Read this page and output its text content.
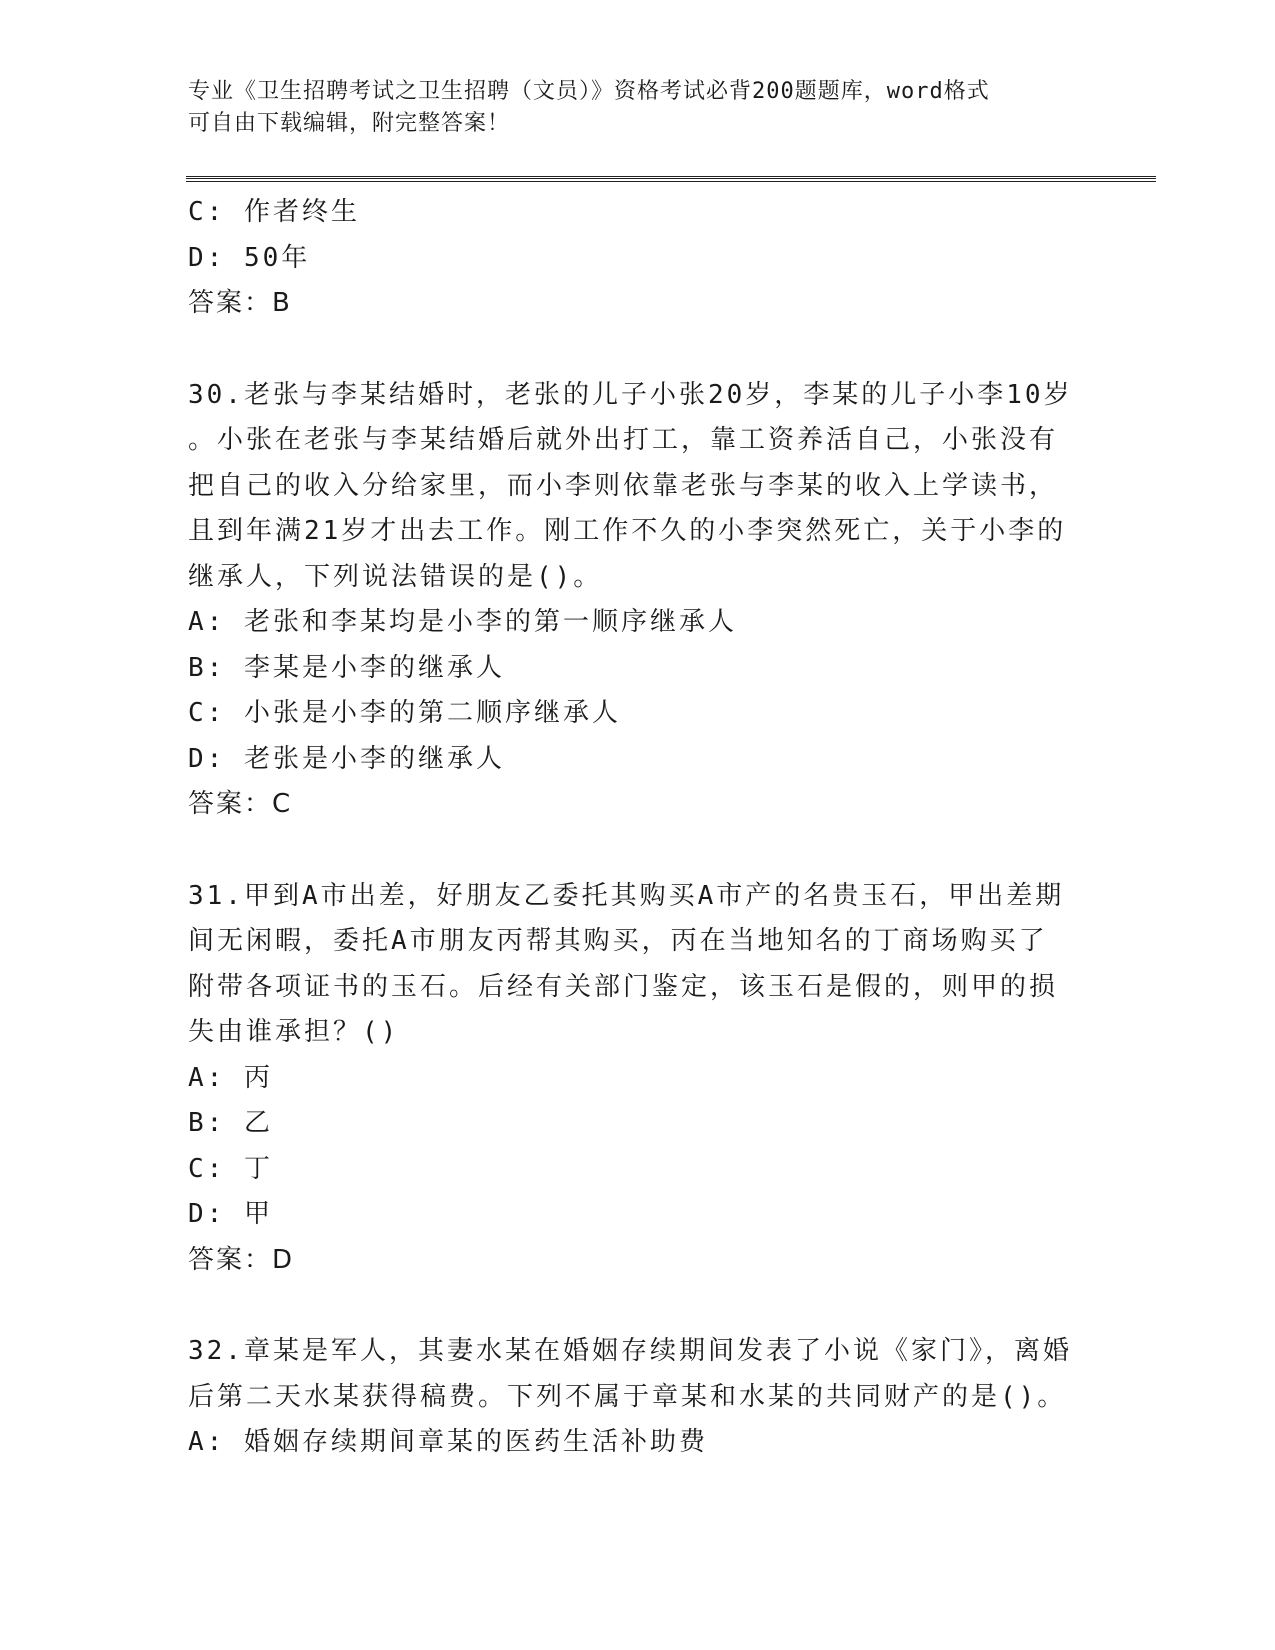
专业《卫生招聘考试之卫生招聘（文员）》资格考试必背200题题库，word格式
可自由下载编辑，附完整答案！
C: 作者终生
D: 50年
答案：B
30.老张与李某结婚时，老张的儿子小张20岁，李某的儿子小李10岁
。小张在老张与李某结婚后就外出打工，靠工资养活自己，小张没有
把自己的收入分给家里，而小李则依靠老张与李某的收入上学读书，
且到年满21岁才出去工作。刚工作不久的小李突然死亡，关于小李的
继承人，下列说法错误的是()。
A: 老张和李某均是小李的第一顺序继承人
B: 李某是小李的继承人
C: 小张是小李的第二顺序继承人
D: 老张是小李的继承人
答案：C
31.甲到A市出差，好朋友乙委托其购买A市产的名贵玉石，甲出差期
间无闲暇，委托A市朋友丙帮其购买，丙在当地知名的丁商场购买了
附带各项证书的玉石。后经有关部门鉴定，该玉石是假的，则甲的损
失由谁承担？()
A: 丙
B: 乙
C: 丁
D: 甲
答案：D
32.章某是军人，其妻水某在婚姻存续期间发表了小说《家门》，离婚
后第二天水某获得稿费。下列不属于章某和水某的共同财产的是()。
A: 婚姻存续期间章某的医药生活补助费
